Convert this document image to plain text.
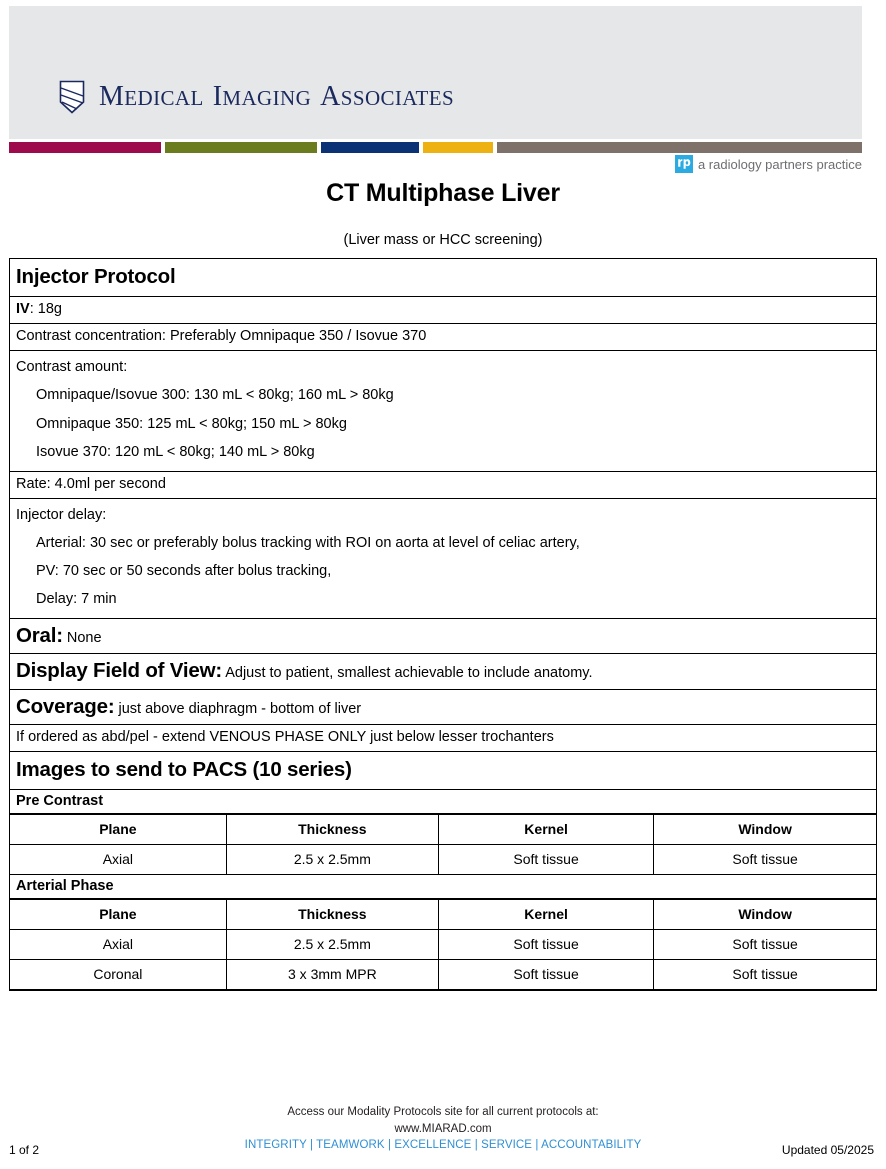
MEDICAL IMAGING ASSOCIATES
a radiology partners practice
CT Multiphase Liver
(Liver mass or HCC screening)
Injector Protocol
IV: 18g
Contrast concentration: Preferably Omnipaque 350 / Isovue 370
Contrast amount:
Omnipaque/Isovue 300: 130 mL < 80kg; 160 mL > 80kg
Omnipaque 350: 125 mL < 80kg; 150 mL > 80kg
Isovue 370: 120 mL < 80kg; 140 mL > 80kg
Rate: 4.0ml per second
Injector delay:
Arterial: 30 sec or preferably bolus tracking with ROI on aorta at level of celiac artery,
PV: 70 sec or 50 seconds after bolus tracking,
Delay: 7 min
Oral: None
Display Field of View: Adjust to patient, smallest achievable to include anatomy.
Coverage: just above diaphragm - bottom of liver
If ordered as abd/pel - extend VENOUS PHASE ONLY just below lesser trochanters
Images to send to PACS (10 series)
Pre Contrast
Plane	Thickness	Kernel	Window
Axial	2.5 x 2.5mm	Soft tissue	Soft tissue
Arterial Phase
Plane	Thickness	Kernel	Window
Axial	2.5 x 2.5mm	Soft tissue	Soft tissue
Coronal	3 x 3mm MPR	Soft tissue	Soft tissue
Access our Modality Protocols site for all current protocols at:
www.MIARAD.com
INTEGRITY | TEAMWORK | EXCELLENCE | SERVICE | ACCOUNTABILITY
1 of 2	Updated 05/2025
